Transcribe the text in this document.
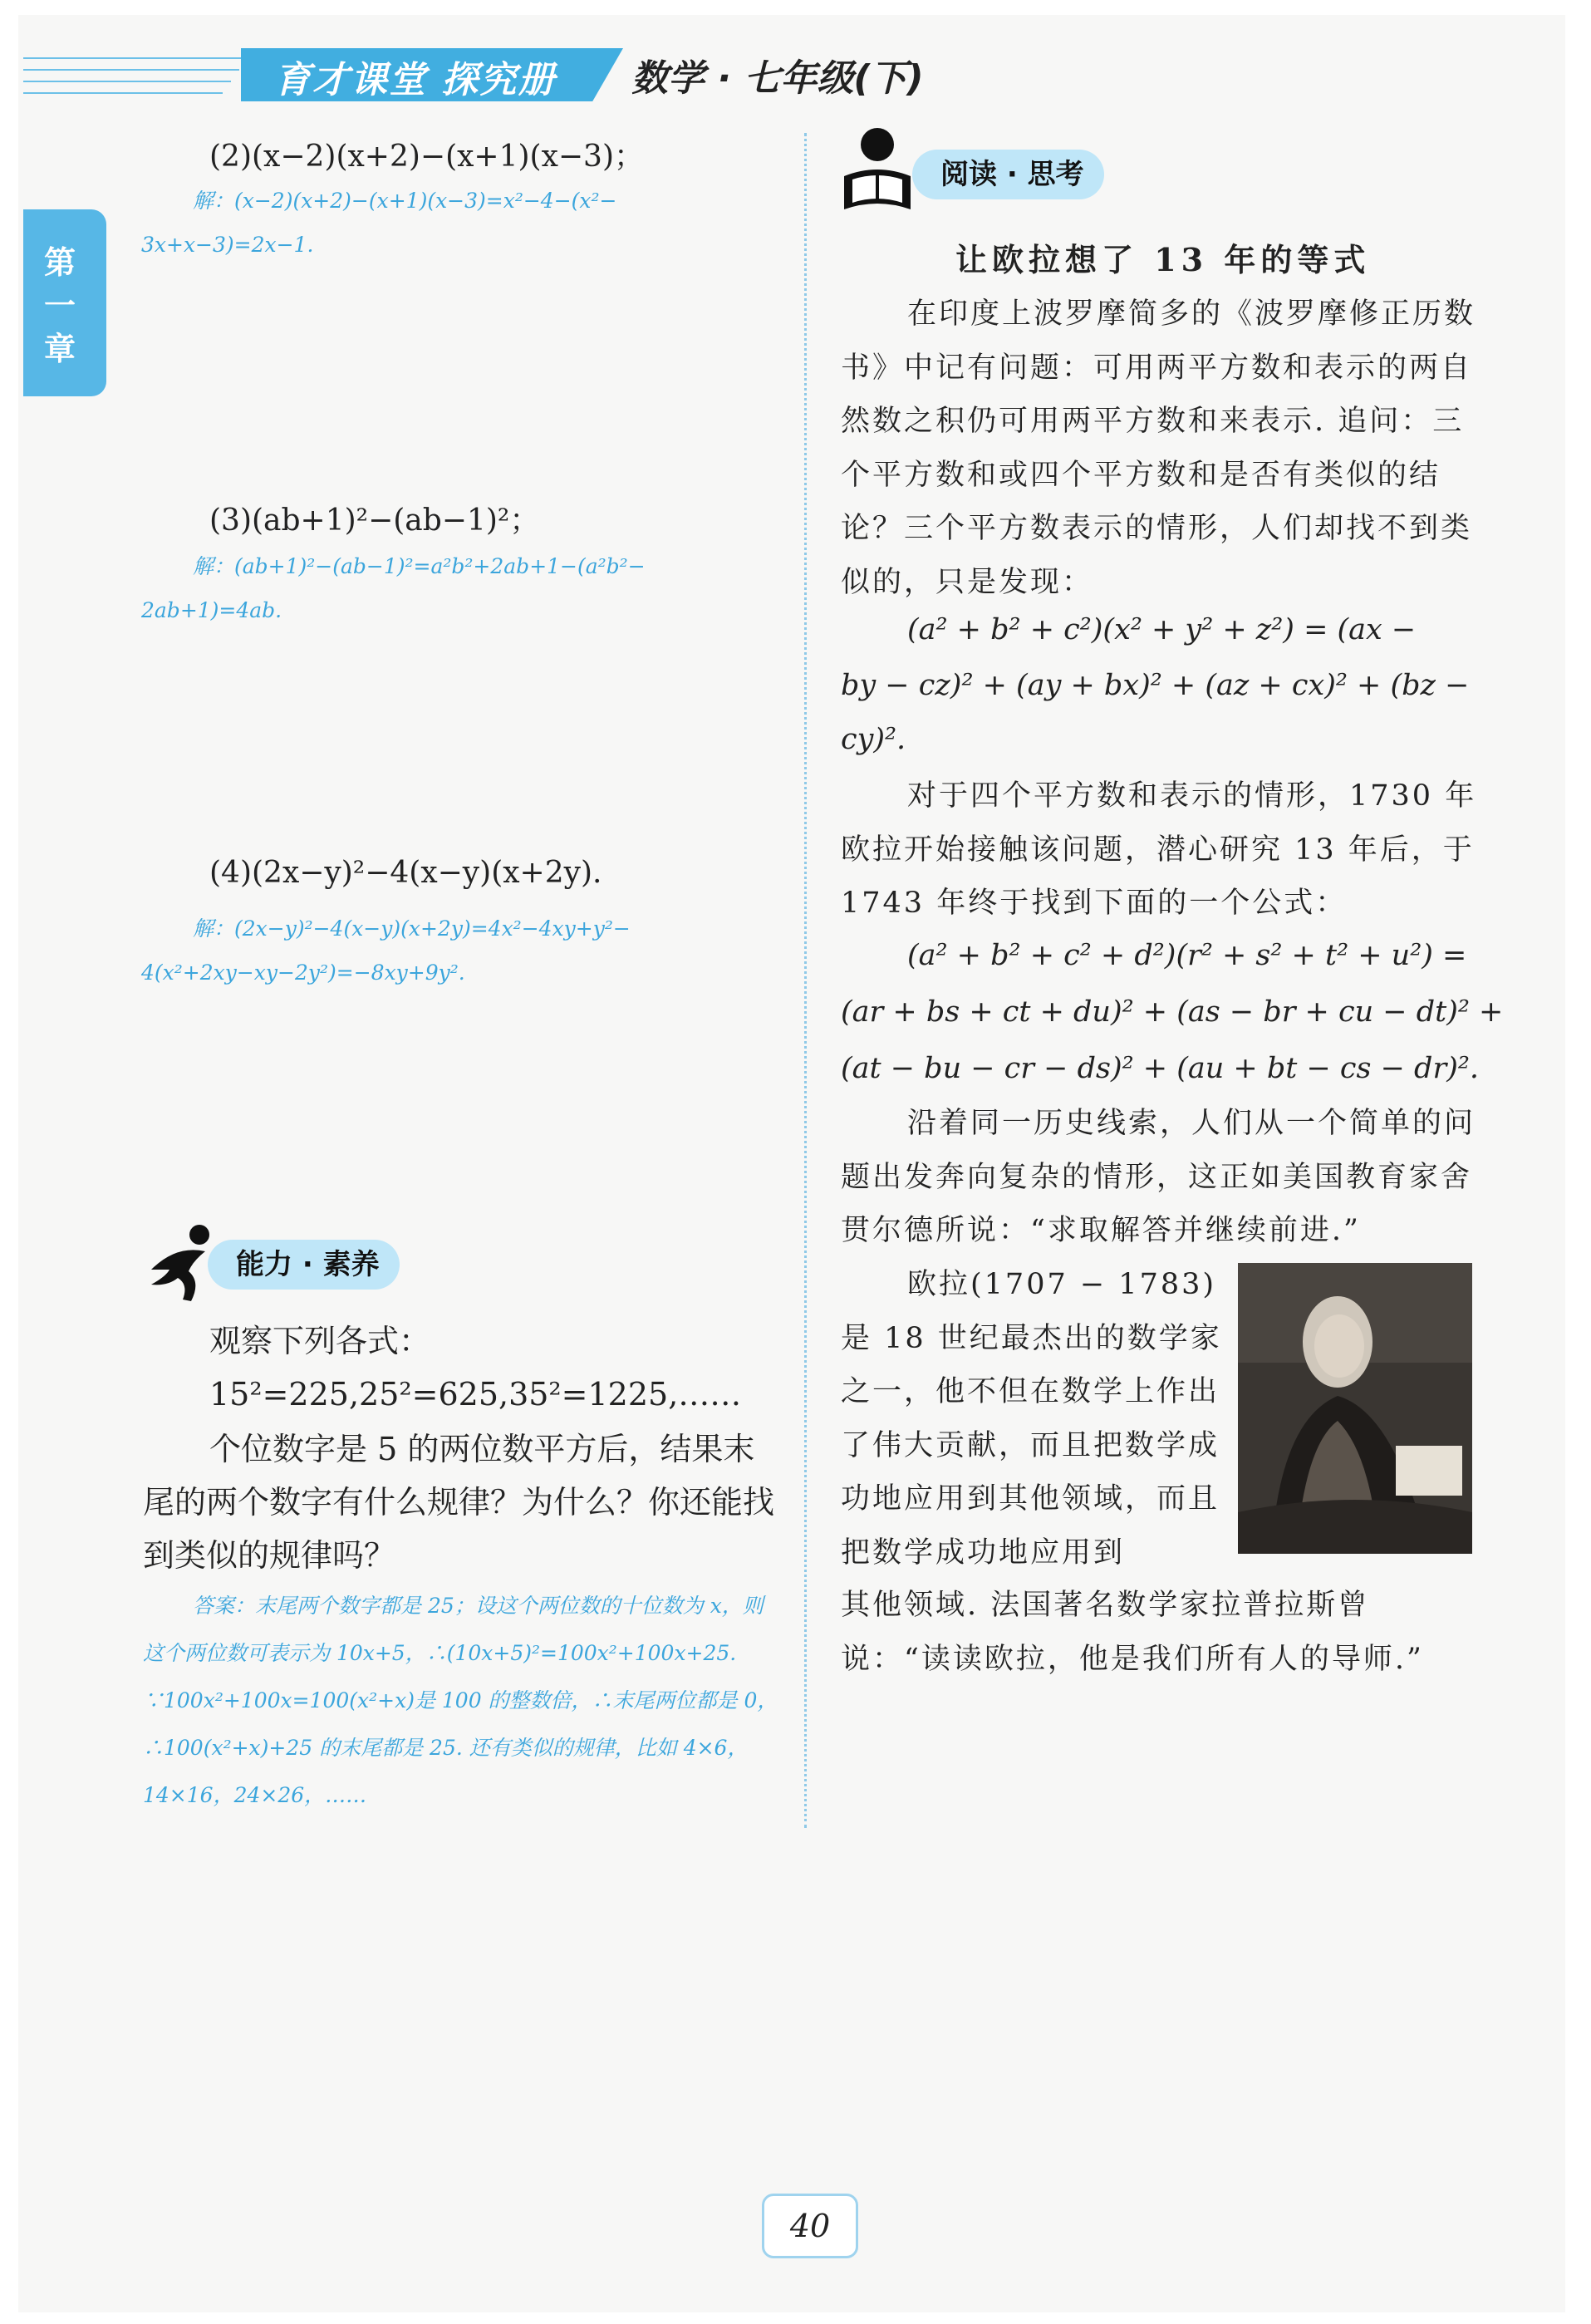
育才课堂 探究册 数学 · 七年级(下)
第一章
(2)(x−2)(x+2)−(x+1)(x−3)；
解：(x−2)(x+2)−(x+1)(x−3)=x²−4−(x²−
3x+x−3)=2x−1.
(3)(ab+1)²−(ab−1)²；
解：(ab+1)²−(ab−1)²=a²b²+2ab+1−(a²b²−
2ab+1)=4ab.
(4)(2x−y)²−4(x−y)(x+2y).
解：(2x−y)²−4(x−y)(x+2y)=4x²−4xy+y²−
4(x²+2xy−xy−2y²)=−8xy+9y².
能力 · 素养
观察下列各式：
15²=225,25²=625,35²=1225,……
个位数字是 5 的两位数平方后，结果末尾的两个数字有什么规律？为什么？你还能找到类似的规律吗？
答案：末尾两个数字都是 25；设这个两位数的十位数为 x，则这个两位数可表示为 10x+5，∴(10x+5)²=100x²+100x+25. ∵100x²+100x=100(x²+x)是 100 的整数倍，∴末尾两位都是 0，∴100(x²+x)+25 的末尾都是 25. 还有类似的规律，比如 4×6，14×16，24×26，……
阅读 · 思考
让欧拉想了 13 年的等式
在印度上波罗摩简多的《波罗摩修正历数书》中记有问题：可用两平方数和表示的两自然数之积仍可用两平方数和来表示. 追问：三个平方数和或四个平方数和是否有类似的结论？三个平方数表示的情形，人们却找不到类似的，只是发现：
(a² + b² + c²)(x² + y² + z²) = (ax −
by − cz)² + (ay + bx)² + (az + cx)² + (bz −
cy)².
对于四个平方数和表示的情形，1730 年欧拉开始接触该问题，潜心研究 13 年后，于 1743 年终于找到下面的一个公式：
(a² + b² + c² + d²)(r² + s² + t² + u²) =
(ar + bs + ct + du)² + (as − br + cu − dt)² +
(at − bu − cr − ds)² + (au + bt − cs − dr)².
沿着同一历史线索，人们从一个简单的问题出发奔向复杂的情形，这正如美国教育家舍贯尔德所说：“求取解答并继续前进.”
欧拉(1707 − 1783)是 18 世纪最杰出的数学家之一，他不但在数学上作出了伟大贡献，而且把数学成功地应用到其他领域，而且把数学成功地应用到
其他领域. 法国著名数学家拉普拉斯曾说：“读读欧拉，他是我们所有人的导师.”
40
